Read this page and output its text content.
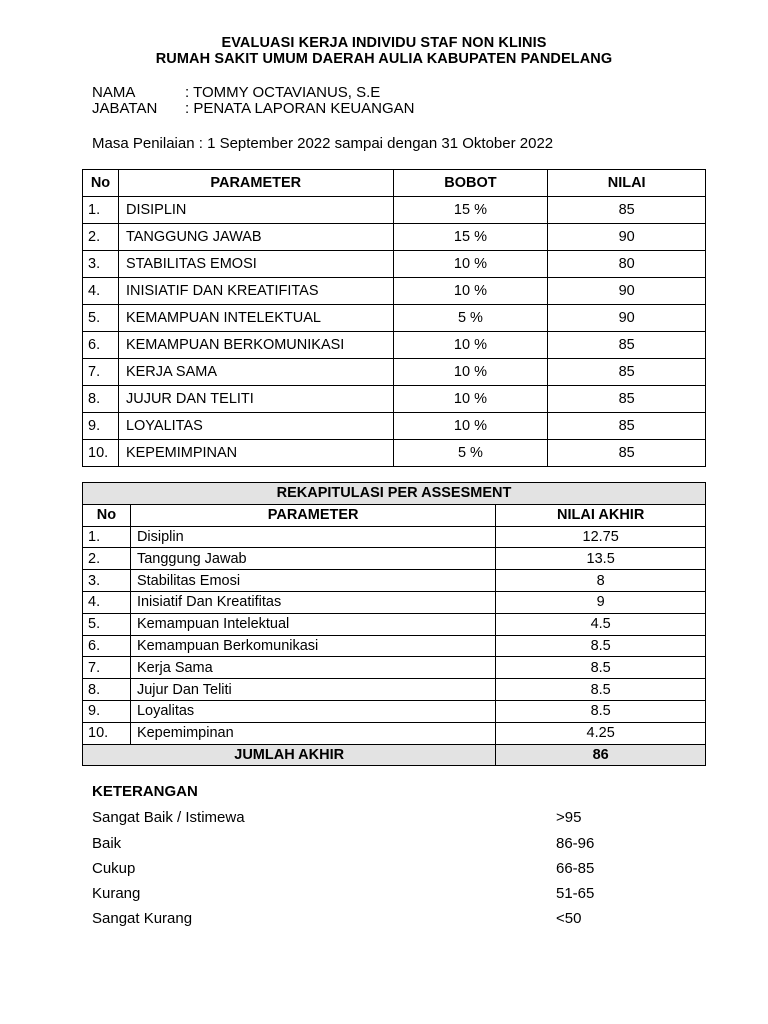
EVALUASI KERJA INDIVIDU STAF NON KLINIS
RUMAH SAKIT UMUM DAERAH AULIA KABUPATEN PANDELANG
NAMA	: TOMMY OCTAVIANUS, S.E
JABATAN : PENATA LAPORAN KEUANGAN
Masa Penilaian : 1 September 2022 sampai dengan 31 Oktober 2022
No	PARAMETER	BOBOT	NILAI
1.	DISIPLIN	15 %	85
2.	TANGGUNG JAWAB	15 %	90
3.	STABILITAS EMOSI	10 %	80
4.	INISIATIF DAN KREATIFITAS	10 %	90
5.	KEMAMPUAN INTELEKTUAL	5 %	90
6.	KEMAMPUAN BERKOMUNIKASI	10 %	85
7.	KERJA SAMA	10 %	85
8.	JUJUR DAN TELITI	10 %	85
9.	LOYALITAS	10 %	85
10.	KEPEMIMPINAN	5 %	85
REKAPITULASI PER ASSESMENT		
No	PARAMETER	NILAI AKHIR
1.	Disiplin	12.75
2.	Tanggung Jawab	13.5
3.	Stabilitas Emosi	8
4.	Inisiatif Dan Kreatifitas	9
5.	Kemampuan Intelektual	4.5
6.	Kemampuan Berkomunikasi	8.5
7.	Kerja Sama	8.5
8.	Jujur Dan Teliti	8.5
9.	Loyalitas	8.5
10.	Kepemimpinan	4.25
JUMLAH AKHIR		86
KETERANGAN
Sangat Baik / Istimewa	>95
Baik	86-96
Cukup	66-85
Kurang	51-65
Sangat Kurang	<50
